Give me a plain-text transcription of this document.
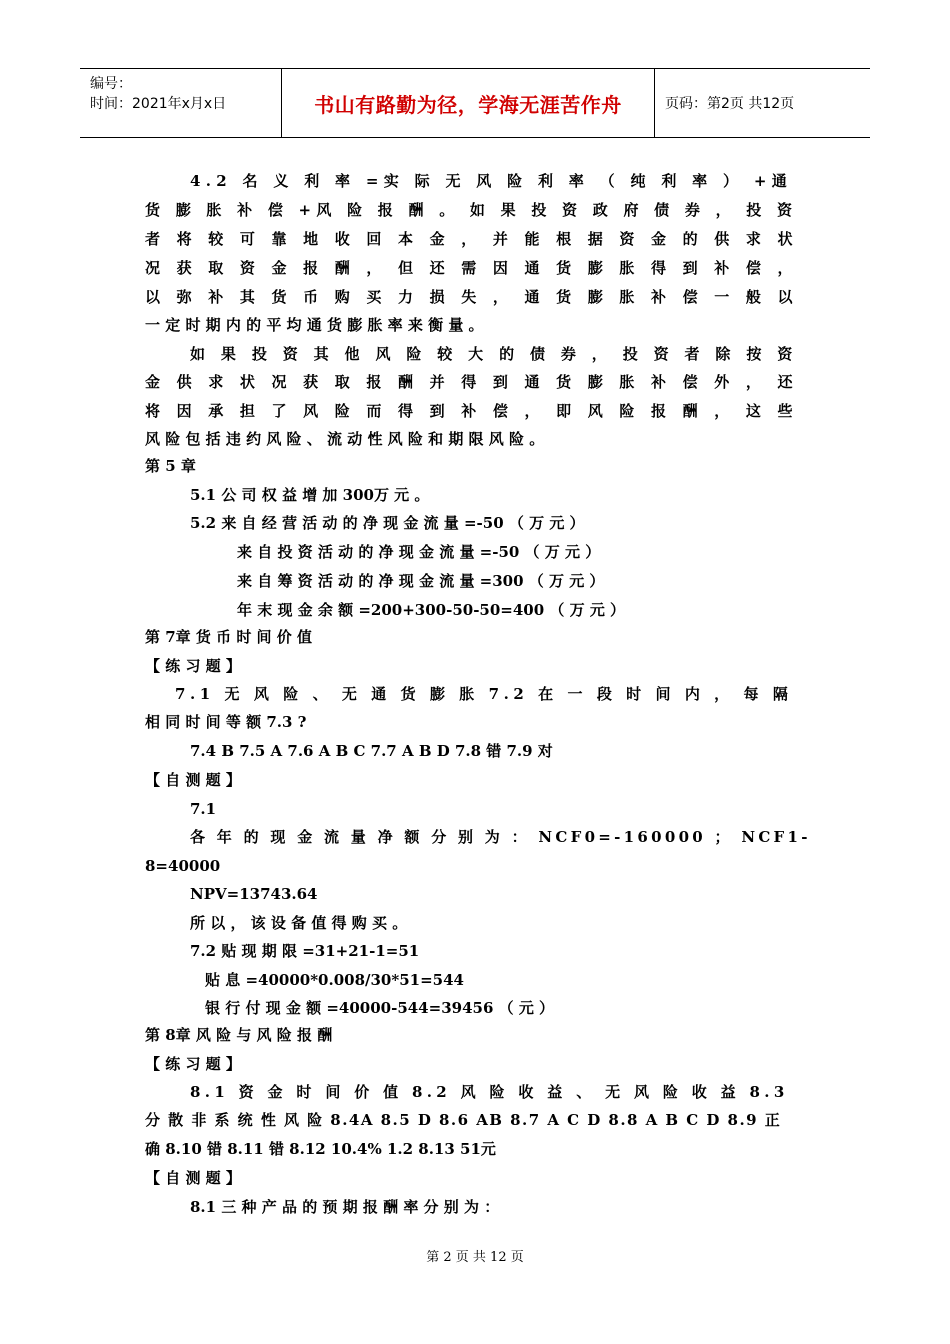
编号：
时间：2021年x月x日	书山有路勤为径，学海无涯苦作舟	页码：第2页 共12页
4.2 名 义 利 率 =实 际 无 风 险 利 率 （ 纯 利 率 ） +通
货 膨 胀 补 偿 +风 险 报 酬 。 如 果 投 资 政 府 债 券 ， 投 资
者 将 较 可 靠 地 收 回 本 金 ， 并 能 根 据 资 金 的 供 求 状
况 获 取 资 金 报 酬 ， 但 还 需 因 通 货 膨 胀 得 到 补 偿 ，
以 弥 补 其 货 币 购 买 力 损 失 ， 通 货 膨 胀 补 偿 一 般 以
一 定 时 期 内 的 平 均 通 货 膨 胀 率 来 衡 量 。
如 果 投 资 其 他 风 险 较 大 的 债 券 ， 投 资 者 除 按 资
金 供 求 状 况 获 取 报 酬 并 得 到 通 货 膨 胀 补 偿 外 ， 还
将 因 承 担 了 风 险 而 得 到 补 偿 ， 即 风 险 报 酬 ， 这 些
风 险 包 括 违 约 风 险 、 流 动 性 风 险 和 期 限 风 险 。
第 5 章
5.1 公 司 权 益 增 加 300万 元 。
5.2 来 自 经 营 活 动 的 净 现 金 流 量 =-50 （ 万 元 ）
来 自 投 资 活 动 的 净 现 金 流 量 =-50 （ 万 元 ）
来 自 筹 资 活 动 的 净 现 金 流 量 =300 （ 万 元 ）
年 末 现 金 余 额 =200+300-50-50=400 （ 万 元 ）
第 7章 货 币 时 间 价 值
【 练 习 题 】
7.1 无 风 险 、 无 通 货 膨 胀 7.2 在 一 段 时 间 内 ， 每 隔
相 同 时 间 等 额 7.3 ?
7.4 B 7.5 A 7.6 A B C 7.7 A B D 7.8 错 7.9 对
【 自 测 题 】
7.1
各 年 的 现 金 流 量 净 额 分 别 为 ： NCF0=-160000 ； NCF1-
8=40000
NPV=13743.64
所 以 ， 该 设 备 值 得 购 买 。
7.2 贴 现 期 限 =31+21-1=51
贴 息 =40000*0.008/30*51=544
银 行 付 现 金 额 =40000-544=39456 （ 元 ）
第 8章 风 险 与 风 险 报 酬
【 练 习 题 】
8.1 资 金 时 间 价 值 8.2 风 险 收 益 、 无 风 险 收 益 8.3
分 散 非 系 统 性 风 险 8.4A 8.5 D 8.6 AB 8.7 A C D 8.8 A B C D 8.9 正
确 8.10 错 8.11 错 8.12 10.4% 1.2 8.13 51元
【 自 测 题 】
8.1 三 种 产 品 的 预 期 报 酬 率 分 别 为 ：
第 2 页 共 12 页
